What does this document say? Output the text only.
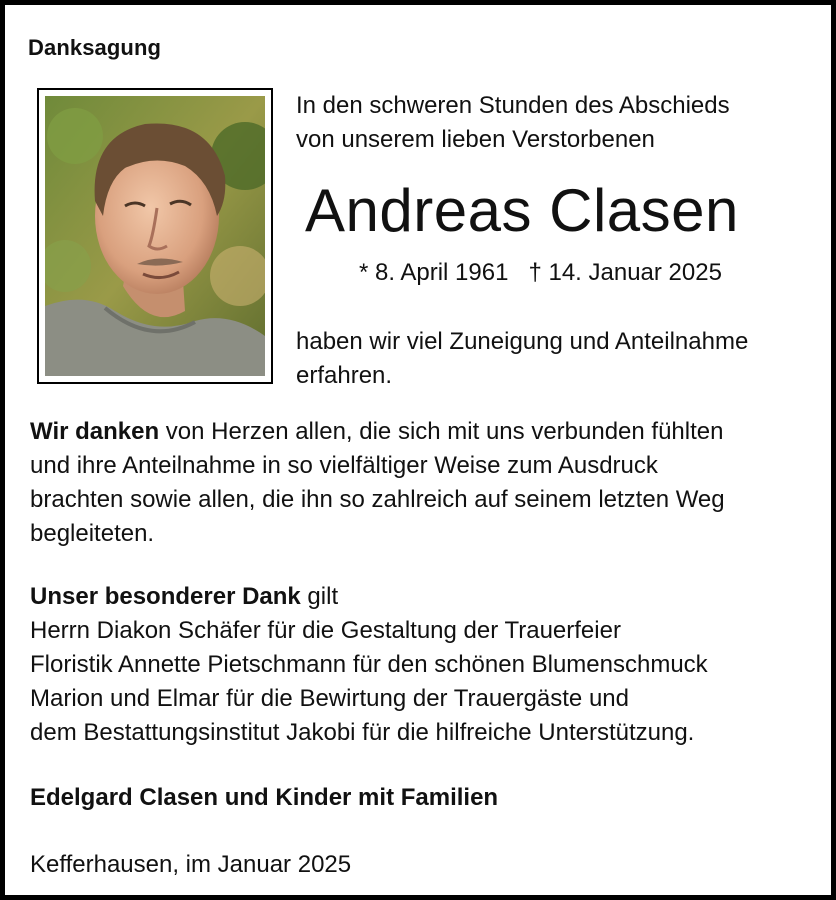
Danksagung
In den schweren Stunden des Abschieds
von unserem lieben Verstorbenen
Andreas Clasen
* 8. April 1961 † 14. Januar 2025
haben wir viel Zuneigung und Anteilnahme
erfahren.
Wir danken von Herzen allen, die sich mit uns verbunden fühlten
und ihre Anteilnahme in so vielfältiger Weise zum Ausdruck
brachten sowie allen, die ihn so zahlreich auf seinem letzten Weg
begleiteten.
Unser besonderer Dank gilt
Herrn Diakon Schäfer für die Gestaltung der Trauerfeier
Floristik Annette Pietschmann für den schönen Blumenschmuck
Marion und Elmar für die Bewirtung der Trauergäste und
dem Bestattungsinstitut Jakobi für die hilfreiche Unterstützung.
Edelgard Clasen und Kinder mit Familien
Kefferhausen, im Januar 2025
